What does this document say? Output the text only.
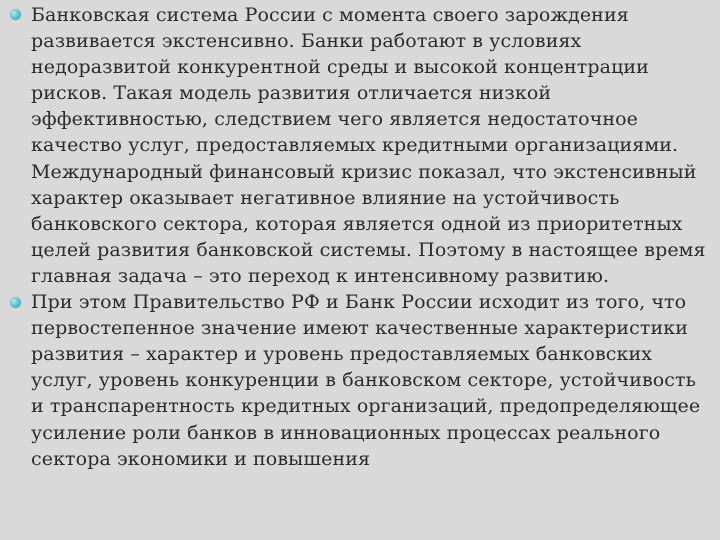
Банковская система России с момента своего зарождения развивается экстенсивно. Банки работают в условиях недоразвитой конкурентной среды и высокой концентрации рисков. Такая модель развития отличается низкой эффективностью, следствием чего является недостаточное качество услуг, предоставляемых кредитными организациями. Международный финансовый кризис показал, что экстенсивный характер оказывает негативное влияние на устойчивость банковского сектора, которая является одной из приоритетных целей развития банковской системы. Поэтому в настоящее время главная задача – это переход к интенсивному развитию.
При этом Правительство РФ и Банк России исходит из того, что первостепенное значение имеют качественные характеристики развития – характер и уровень предоставляемых банковских услуг, уровень конкуренции в банковском секторе, устойчивость и транспарентность кредитных организаций, предопределяющее усиление роли банков в инновационных процессах реального сектора экономики и повышения
